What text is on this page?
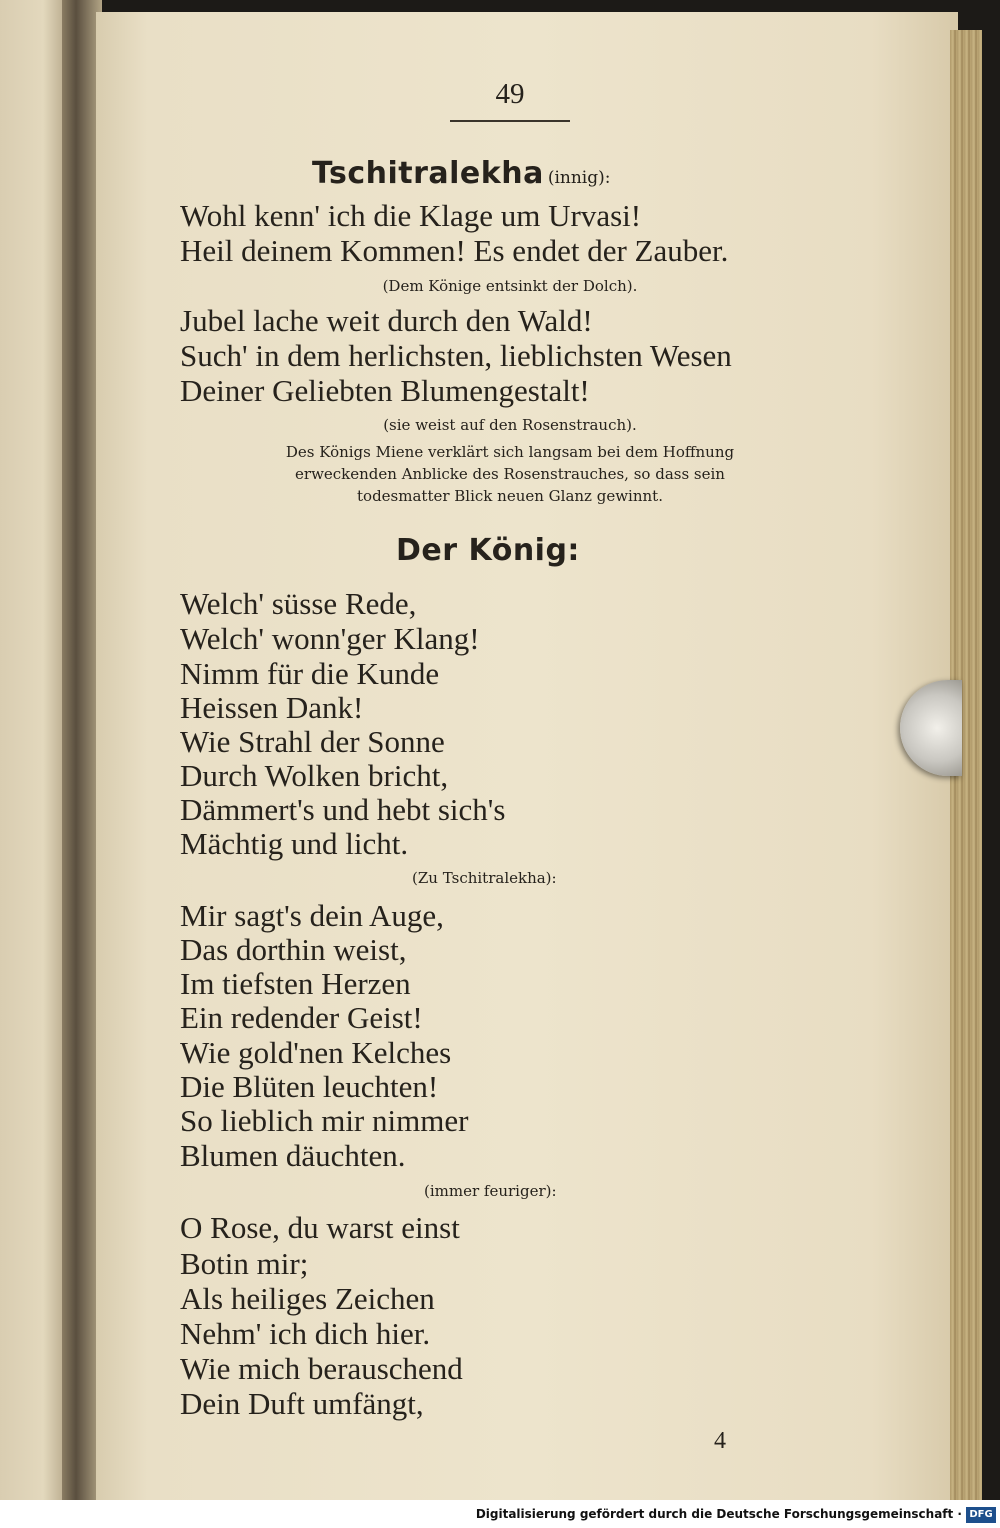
49
Tschitralekha (innig):
Wohl kenn' ich die Klage um Urvasi!
Heil deinem Kommen! Es endet der Zauber.
(Dem Könige entsinkt der Dolch).
Jubel lache weit durch den Wald!
Such' in dem herlichsten, lieblichsten Wesen
Deiner Geliebten Blumengestalt!
(sie weist auf den Rosenstrauch).
Des Königs Miene verklärt sich langsam bei dem Hoffnung
erweckenden Anblicke des Rosenstrauches, so dass sein
todesmatter Blick neuen Glanz gewinnt.
Der König:
Welch' süsse Rede,
Welch' wonn'ger Klang!
Nimm für die Kunde
Heissen Dank!
Wie Strahl der Sonne
Durch Wolken bricht,
Dämmert's und hebt sich's
Mächtig und licht.
(Zu Tschitralekha):
Mir sagt's dein Auge,
Das dorthin weist,
Im tiefsten Herzen
Ein redender Geist!
Wie gold'nen Kelches
Die Blüten leuchten!
So lieblich mir nimmer
Blumen däuchten.
(immer feuriger):
O Rose, du warst einst
Botin mir;
Als heiliges Zeichen
Nehm' ich dich hier.
Wie mich berauschend
Dein Duft umfängt,
4
Digitalisierung gefördert durch die Deutsche Forschungsgemeinschaft · DFG
